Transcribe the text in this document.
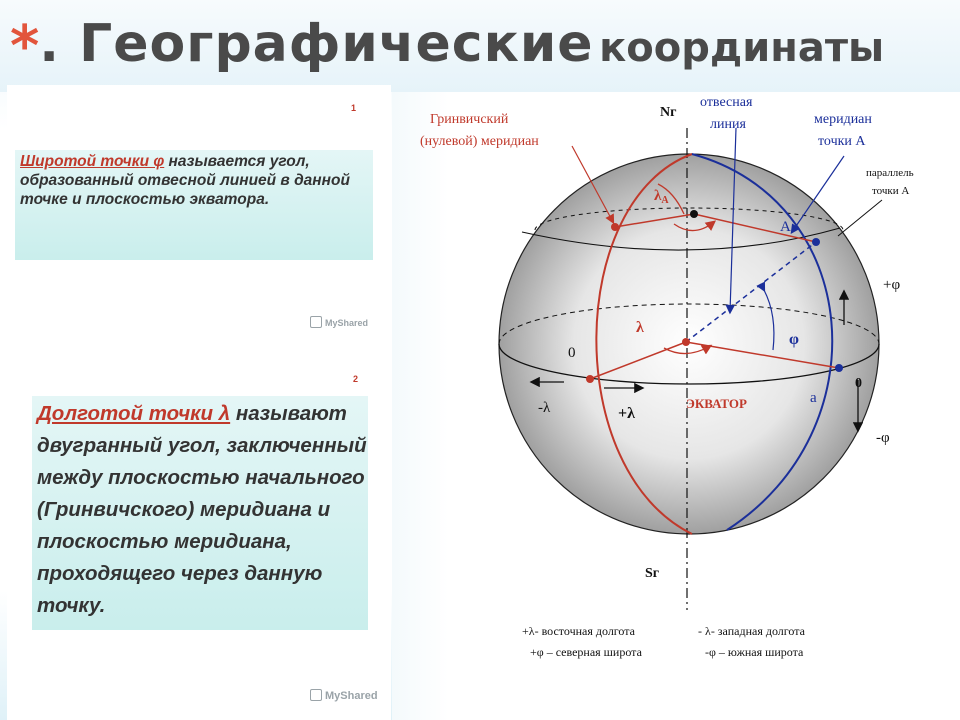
*. Географические координаты
1
Широтой точки φ называется угол, образованный отвесной линией в данной точке и плоскостью экватора.
MyShared
2
Долготой точки λ называют двугранный угол, заключенный между плоскостью начального (Гринвичского) меридиана и плоскостью меридиана, проходящего через данную точку.
MyShared
Гринвичский
(нулевой) меридиан
Nг
Sг
отвесная
линия	меридиан
точки А
параллель
точки А
$\lambda_A$
A
λ
φ
0
0
+φ
-φ
-λ	+λ
ЭКВАТОР	a
+λ- восточная долгота	- λ- западная долгота
+φ – северная широта	-φ – южная широта
